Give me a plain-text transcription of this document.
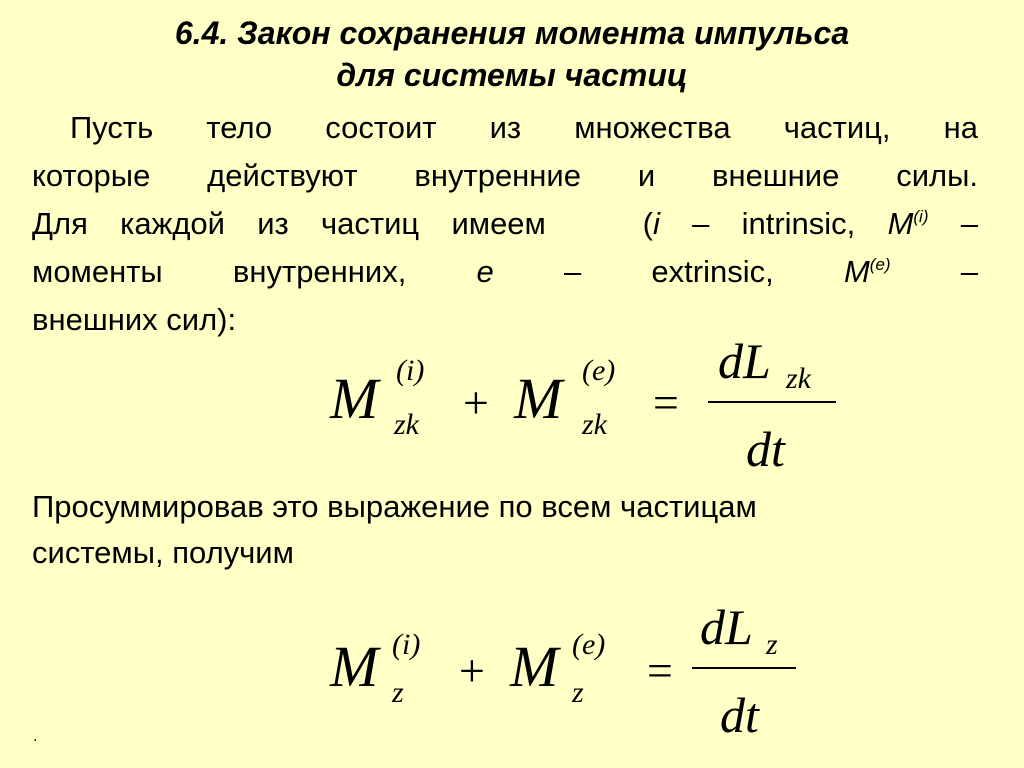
6.4. Закон сохранения момента импульса
для системы частиц
Пусть тело состоит из множества частиц, на
которые действуют внутренние и внешние силы.
Для каждой из частиц имеем	(i – intrinsic, $M^{(i)}$ –
моменты внутренних, e – extrinsic, $M^{(e)}$ –
внешних сил):
M (i)
zk + M (e)
zk =
dL zk
dt
Просуммировав это выражение по всем частицам
системы, получим
M (i)
z + M (e)
z =
dL z
dt
.
